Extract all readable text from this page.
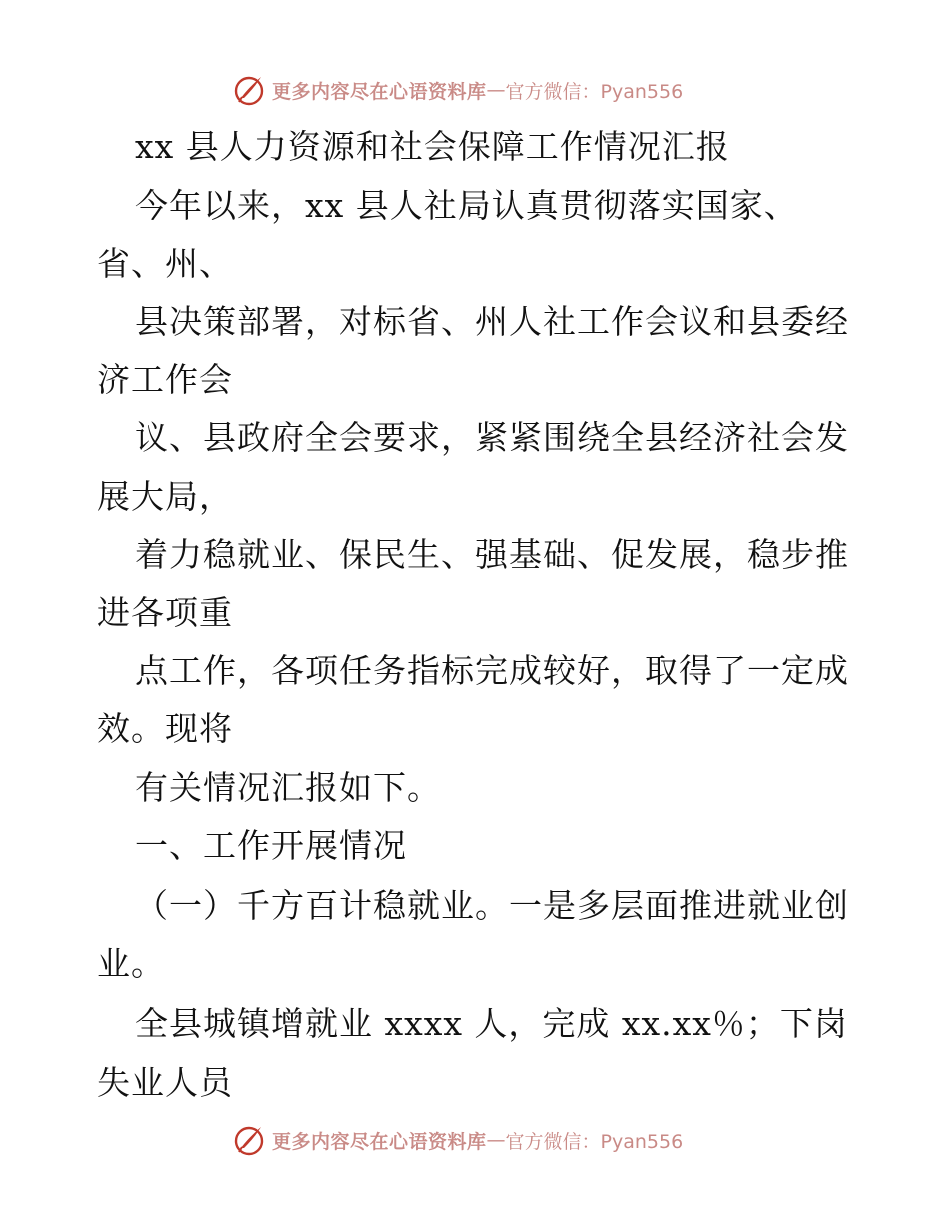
更多内容尽在心语资料库 — 官方微信：Pyan556
xx 县人力资源和社会保障工作情况汇报
今年以来，xx 县人社局认真贯彻落实国家、
省、州、
县决策部署，对标省、州人社工作会议和县委经
济工作会
议、县政府全会要求，紧紧围绕全县经济社会发
展大局，
着力稳就业、保民生、强基础、促发展，稳步推
进各项重
点工作，各项任务指标完成较好，取得了一定成
效。现将
有关情况汇报如下。
一、工作开展情况
（一）千方百计稳就业。一是多层面推进就业创
业。
全县城镇增就业 xxxx 人，完成 xx.xx％；下岗
失业人员
更多内容尽在心语资料库 — 官方微信：Pyan556
